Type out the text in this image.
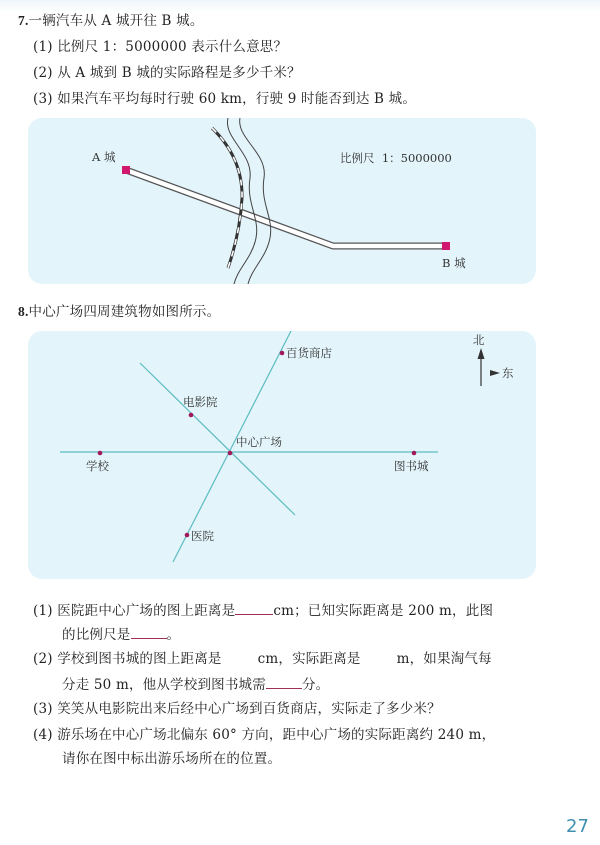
7.一辆汽车从 A 城开往 B 城。
(1) 比例尺 1：5000000 表示什么意思？
(2) 从 A 城到 B 城的实际路程是多少千米？
(3) 如果汽车平均每时行驶 60 km，行驶 9 时能否到达 B 城。
A 城
B 城
比例尺 1：5000000
8.中心广场四周建筑物如图所示。
北
东
中心广场
学校	图书城
电影院
百货商店
医院
(1) 医院距中心广场的图上距离是	cm；已知实际距离是 200 m，此图
的比例尺是	。
(2) 学校到图书城的图上距离是	cm，实际距离是	m，如果淘气每
分走 50 m，他从学校到图书城需	分。
(3) 笑笑从电影院出来后经中心广场到百货商店，实际走了多少米？
(4) 游乐场在中心广场北偏东 60° 方向，距中心广场的实际距离约 240 m，
请你在图中标出游乐场所在的位置。
27
